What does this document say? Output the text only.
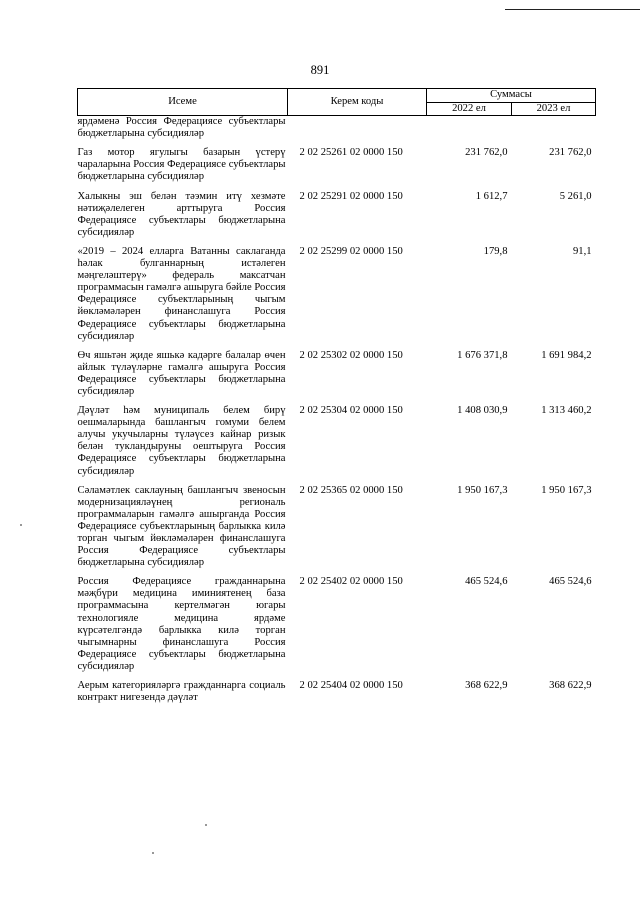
891
Исеме	Керем коды	Суммасы	
		2022 ел	2023 ел
ярдәменә Россия Федерациясе субъектлары бюджетларына субсидияләр			
Газ мотор ягулыгы базарын үстерү чараларына Россия Федерациясе субъектлары бюджетларына субсидияләр	2 02 25261 02 0000 150	231 762,0	231 762,0
Халыкны эш белән тәэмин итү хезмәте нәтиҗәлелеген арттыруга Россия Федерациясе субъектлары бюджетларына субсидияләр	2 02 25291 02 0000 150	1 612,7	5 261,0
«2019 – 2024 елларга Ватанны саклаганда һәлак булганнарның истәлеген мәңгеләштерү» федераль максатчан программасын гамәлгә ашыруга бәйле Россия Федерациясе субъектларының чыгым йөкләмәләрен финанслашуга Россия Федерациясе субъектлары бюджетларына субсидияләр	2 02 25299 02 0000 150	179,8	91,1
Өч яшьтән җиде яшькә кадәрге балалар өчен айлык түләүләрне гамәлгә ашыруга Россия Федерациясе субъектлары бюджетларына субсидияләр	2 02 25302 02 0000 150	1 676 371,8	1 691 984,2
Дәүләт һәм муниципаль белем бирү оешмаларында башлангыч гомуми белем алучы укучыларны түләүсез кайнар ризык белән тукландыруны оештыруга Россия Федерациясе субъектлары бюджетларына субсидияләр	2 02 25304 02 0000 150	1 408 030,9	1 313 460,2
Сәламәтлек саклауның башлангыч звеносын модернизацияләүнең региональ программаларын гамәлгә ашырганда Россия Федерациясе субъектларының барлыкка килә торган чыгым йөкләмәләрен финанслашуга Россия Федерациясе субъектлары бюджетларына субсидияләр	2 02 25365 02 0000 150	1 950 167,3	1 950 167,3
Россия Федерациясе гражданнарына мәҗбүри медицина иминиятенең база программасына кертелмәгән югары технологияле медицина ярдәме күрсәтелгәндә барлыкка килә торган чыгымнарны финанслашуга Россия Федерациясе субъектлары бюджетларына субсидияләр	2 02 25402 02 0000 150	465 524,6	465 524,6
Аерым категорияләргә гражданнарга социаль контракт нигезендә дәүләт	2 02 25404 02 0000 150	368 622,9	368 622,9
